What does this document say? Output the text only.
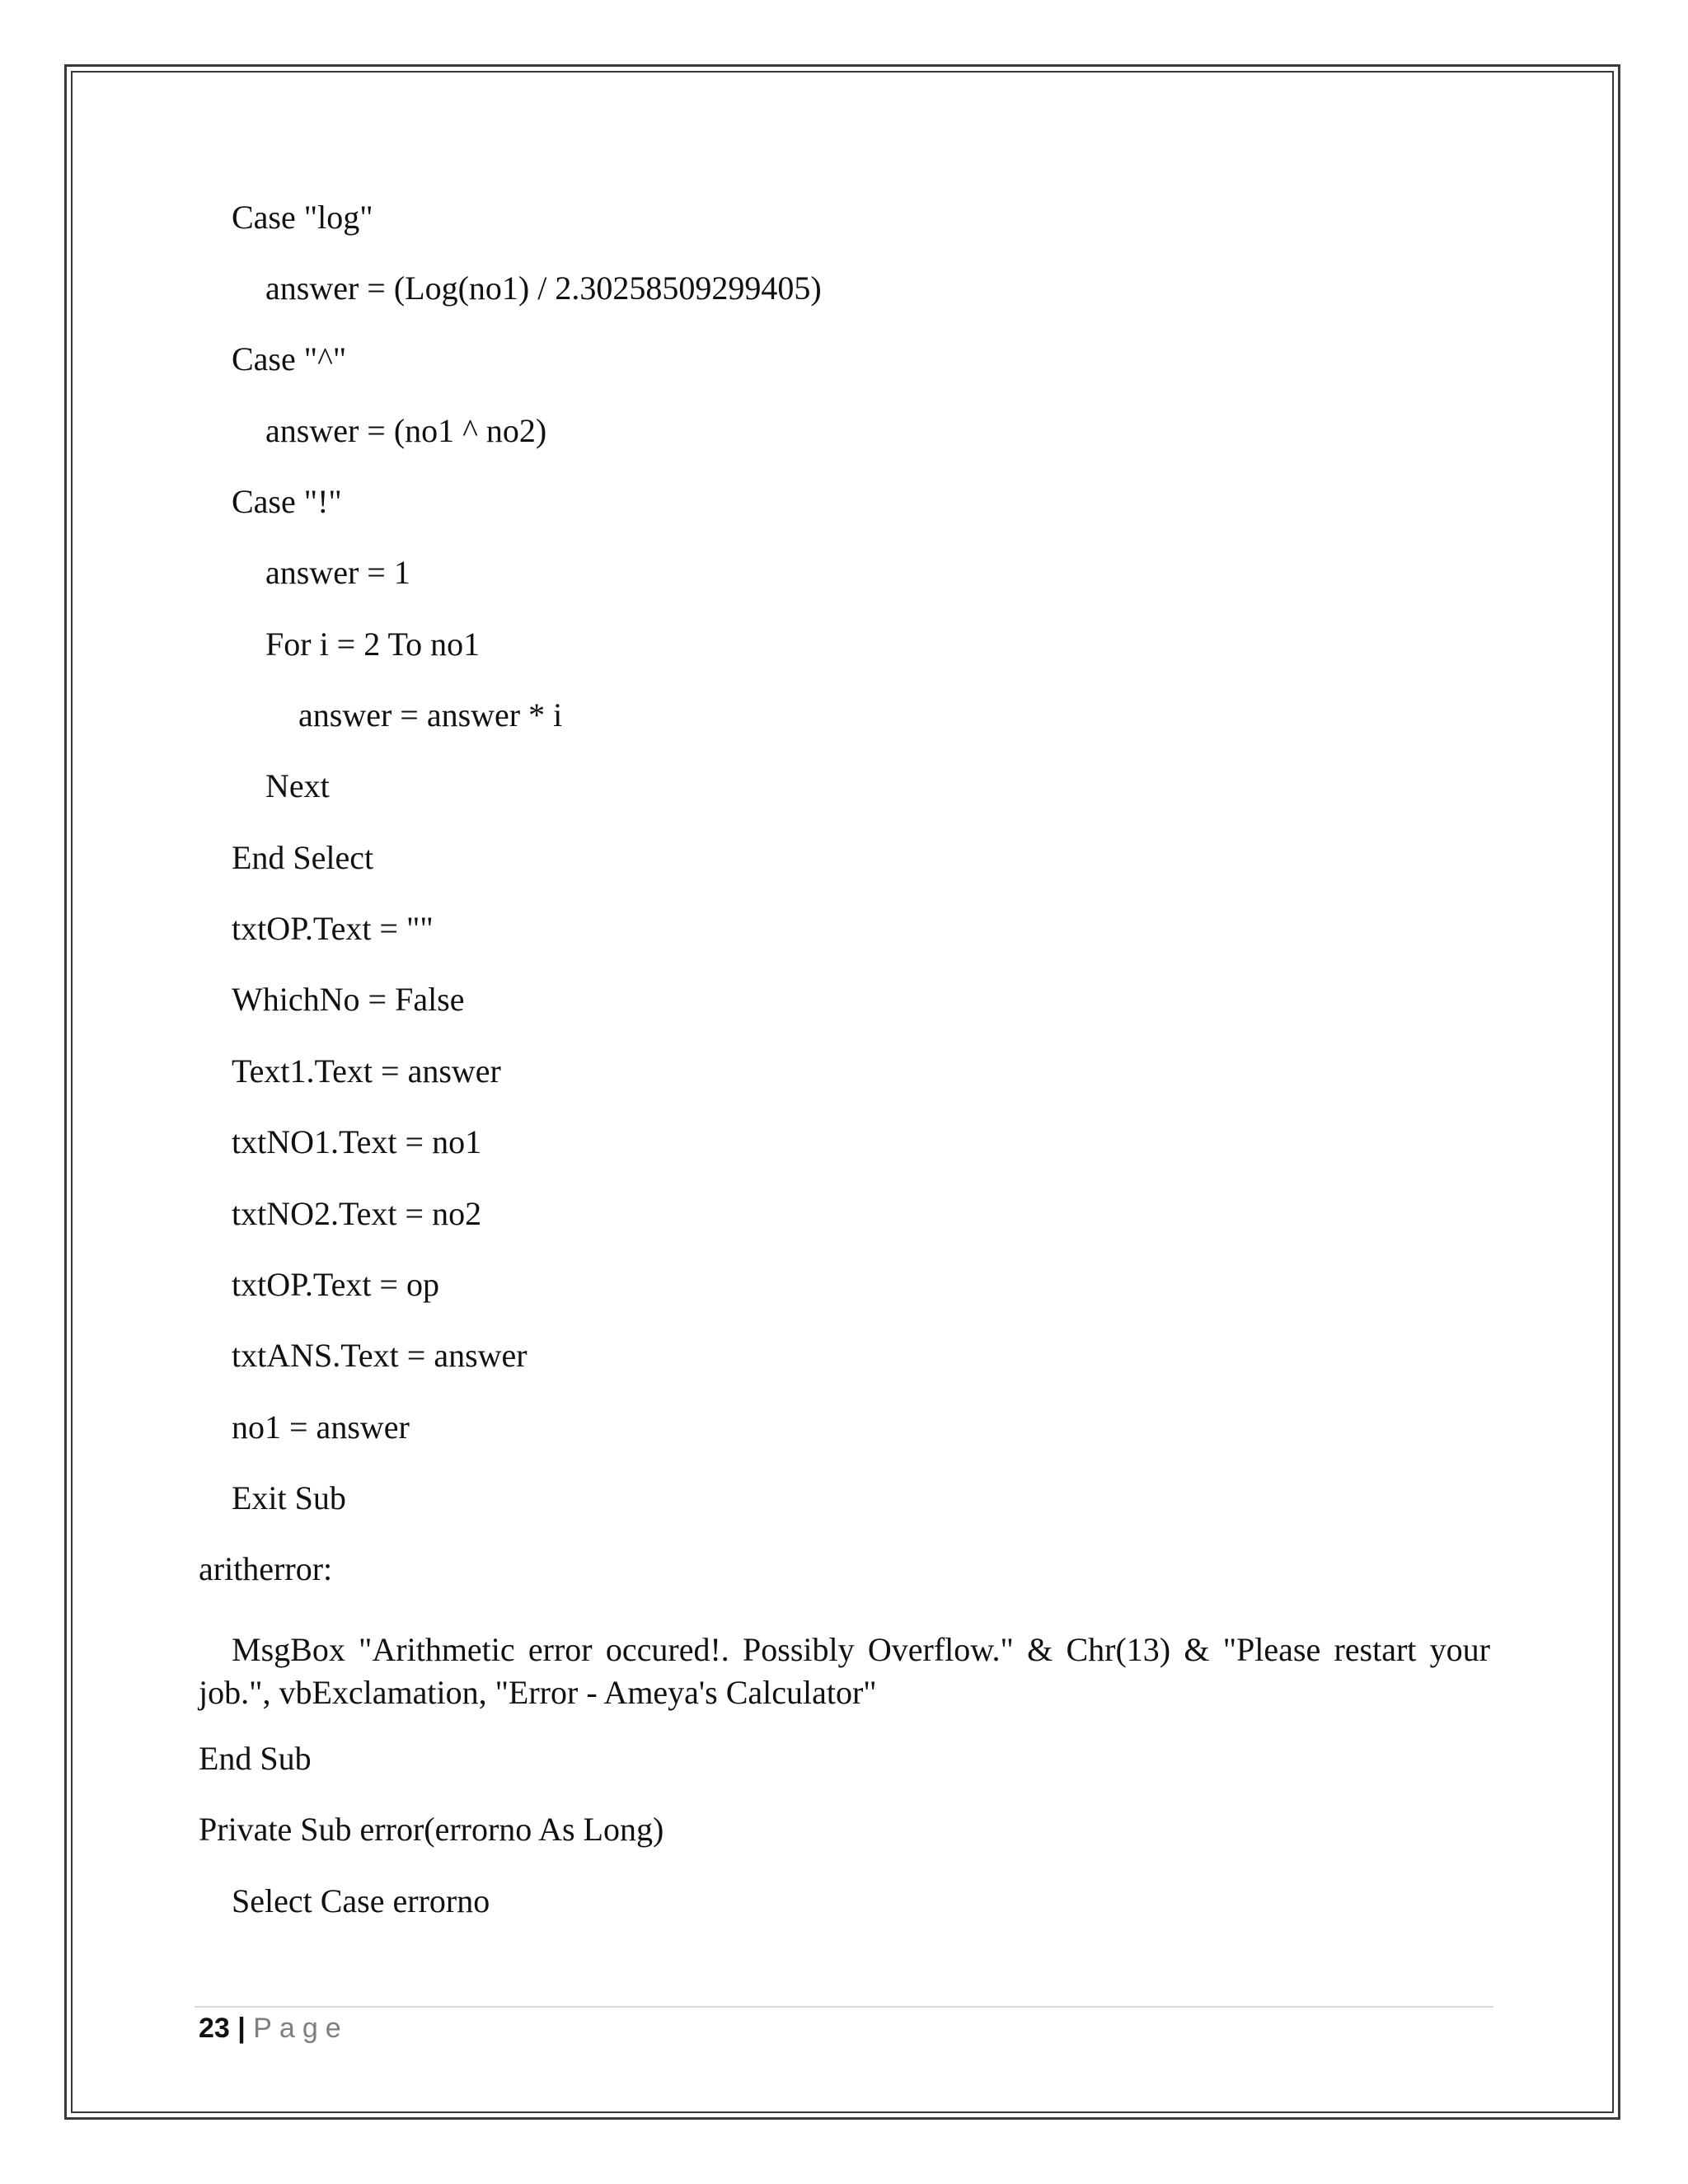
Case "log"
answer = (Log(no1) / 2.30258509299405)
Case "^"
answer = (no1 ^ no2)
Case "!"
answer = 1
For i = 2 To no1
answer = answer * i
Next
End Select
txtOP.Text = ""
WhichNo = False
Text1.Text = answer
txtNO1.Text = no1
txtNO2.Text = no2
txtOP.Text = op
txtANS.Text = answer
no1 = answer
Exit Sub
aritherror:

MsgBox "Arithmetic error occured!. Possibly Overflow." & Chr(13) & "Please restart your job.", vbExclamation, "Error - Ameya's Calculator"

End Sub
Private Sub error(errorno As Long)
Select Case errorno
23 | Page
